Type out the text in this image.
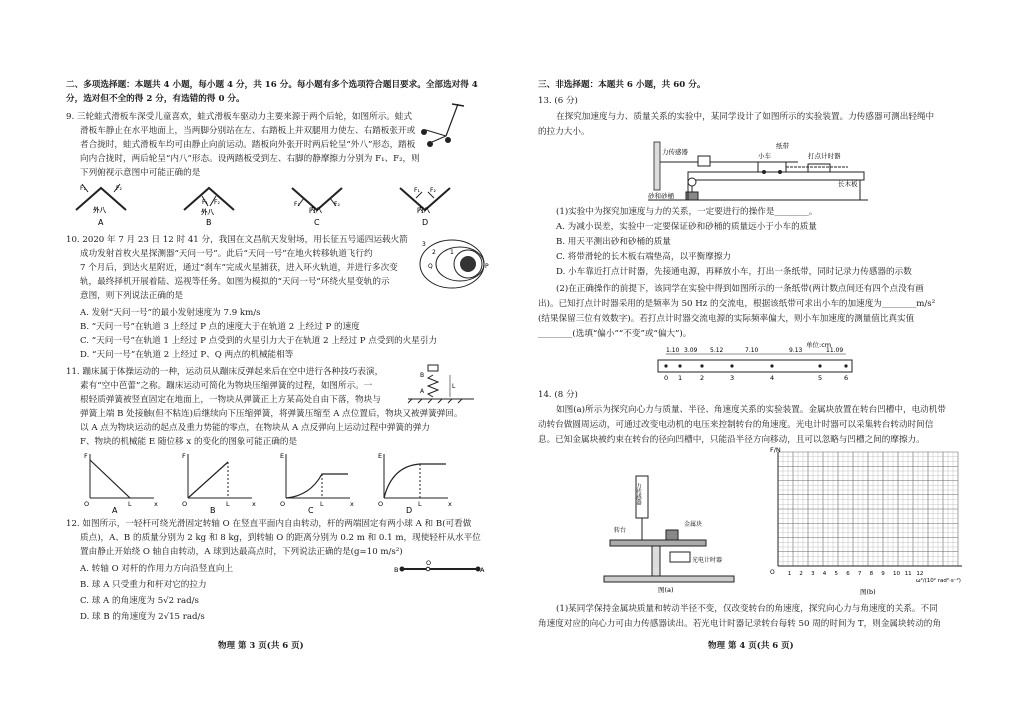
二、多项选择题：本题共 4 小题，每小题 4 分，共 16 分。每小题有多个选项符合题目要求。全部选对得 4
分，选对但不全的得 2 分，有选错的得 0 分。
9. 三轮蛙式滑板车深受儿童喜欢，蛙式滑板车驱动力主要来源于两个后轮，如图所示。蛙式
滑板车静止在水平地面上，当两脚分别站在左、右踏板上并双腿用力使左、右踏板张开或
者合拢时，蛙式滑板车均可由静止向前运动。踏板向外张开时两后轮呈“外八”形态，踏板
向内合拢时，两后轮呈“内八”形态。设两踏板受到左、右脚的静摩擦力分别为 F₁、F₂，则
下列俯视示意图中可能正确的是
F₁	F₂
外八
A
F₁ F₂
外八
B
F₁	F₂
内八
C
F₁ F₂
内八
D
10. 2020 年 7 月 23 日 12 时 41 分，我国在文昌航天发射场，用长征五号遥四运载火箭
成功发射首枚火星探测器“天问一号”。此后“天问一号”在地火转移轨道飞行约
7 个月后，到达火星附近，通过“刹车”完成火星捕获，进入环火轨道，并进行多次变
轨，最终择机开展着陆、巡视等任务。如图为模拟的“天问一号”环绕火星变轨的示
意图，则下列说法正确的是
3
2 1
Q	P
A. 发射“天问一号”的最小发射速度为 7.9 km/s
B. “天问一号”在轨道 3 上经过 P 点的速度大于在轨道 2 上经过 P 的速度
C. “天问一号”在轨道 1 上经过 P 点受到的火星引力大于在轨道 2 上经过 P 点受到的火星引力
D. “天问一号”在轨道 2 上经过 P、Q 两点的机械能相等
11. 蹦床属于体操运动的一种，运动员从蹦床反弹起来后在空中进行各种技巧表演，
素有“空中芭蕾”之称。蹦床运动可简化为物块压缩弹簧的过程，如图所示。一
根轻质弹簧被竖直固定在地面上，一物块从弹簧正上方某高处自由下落，物块与
弹簧上端 B 处接触(但不粘连)后继续向下压缩弹簧，将弹簧压缩至 A 点位置后，物块又被弹簧弹回。
以 A 点为物块运动的起点及重力势能的零点，在物块从 A 点反弹向上运动过程中弹簧的弹力
F、物块的机械能 E 随位移 x 的变化的图象可能正确的是
B
A
L
F
O	L	x
A
F
O	L	x
B
E
O	L	x
C
E
O	L	x
D
12. 如图所示，一轻杆可绕光滑固定转轴 O 在竖直平面内自由转动，杆的两端固定有两小球 A 和 B(可看做
质点)，A、B 的质量分别为 2 kg 和 8 kg，到转轴 O 的距离分别为 0.2 m 和 0.1 m，现使轻杆从水平位
置由静止开始绕 O 轴自由转动，A 球到达最高点时，下列说法正确的是(g=10 m/s²)
A. 转轴 O 对杆的作用力方向沿竖直向上
B. 球 A 只受重力和杆对它的拉力
C. 球 A 的角速度为 5√2 rad/s
D. 球 B 的角速度为 2√15 rad/s
B
O
A
物理 第 3 页(共 6 页)
三、非选择题：本题共 6 小题，共 60 分。
13. (6 分)
在探究加速度与力、质量关系的实验中，某同学设计了如图所示的实验装置。力传感器可测出轻绳中
的拉力大小。
力传感器	小车
纸带
打点计时器
长木板
砂和砂桶
(1)实验中为探究加速度与力的关系，一定要进行的操作是________。
A. 为减小误差，实验中一定要保证砂和砂桶的质量远小于小车的质量
B. 用天平测出砂和砂桶的质量
C. 将带滑轮的长木板右端垫高，以平衡摩擦力
D. 小车靠近打点计时器，先接通电源，再释放小车，打出一条纸带，同时记录力传感器的示数
(2)在正确操作的前提下，该同学在实验中得到如图所示的一条纸带(两计数点间还有四个点没有画
出)。已知打点计时器采用的是频率为 50 Hz 的交流电，根据该纸带可求出小车的加速度为________m/s²
(结果保留三位有效数字)。若打点计时器交流电源的实际频率偏大，则小车加速度的测量值比真实值
________(选填“偏小”“不变”或“偏大”)。
单位:cm
0 1	2	3	4	5	6
1.10 3.09 5.12	7.10	9.13	11.09
14. (8 分)
如图(a)所示为探究向心力与质量、半径、角速度关系的实验装置。金属块放置在转台凹槽中，电动机带
动转台做圆周运动，可通过改变电动机的电压来控制转台的角速度。光电计时器可以采集转台转动时间信
息。已知金属块被约束在转台的径向凹槽中，只能沿半径方向移动，且可以忽略与凹槽之间的摩擦力。
力传感器
金属块
转台
光电计时器
图(a)
F/N
O 1 2 3 4 5 6 7 8 9 10 11 12
ω²/(10² rad²·s⁻²)
图(b)
(1)某同学保持金属块质量和转动半径不变，仅改变转台的角速度，探究向心力与角速度的关系。不同
角速度对应的向心力可由力传感器读出。若光电计时器记录转台每转 50 周的时间为 T，则金属块转动的角
物理 第 4 页(共 6 页)
